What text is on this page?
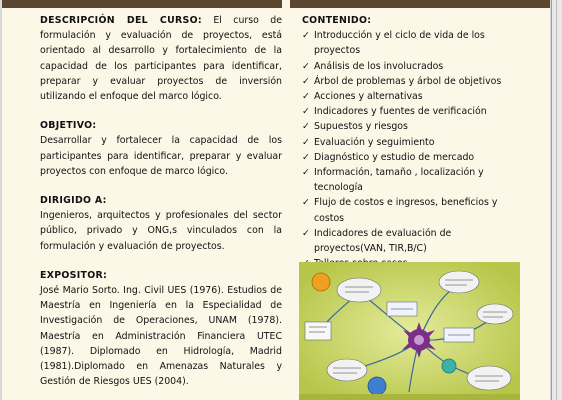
DESCRIPCIÓN DEL CURSO: El curso de formulación y evaluación de proyectos, está orientado al desarrollo y fortalecimiento de la capacidad de los participantes para identificar, preparar y evaluar proyectos de inversión utilizando el enfoque del marco lógico.

OBJETIVO:

Desarrollar y fortalecer la capacidad de los participantes para identificar, preparar y evaluar proyectos con enfoque de marco lógico.

DIRIGIDO A:

Ingenieros, arquitectos y profesionales del sector público, privado y ONG,s vinculados con la formulación y evaluación de proyectos.

EXPOSITOR:

José Mario Sorto. Ing. Civil UES (1976). Estudios de Maestría en Ingeniería en la Especialidad de Investigación de Operaciones, UNAM (1978). Maestría en Administración Financiera UTEC (1987). Diplomado en Hidrología, Madrid (1981).Diplomado en Amenazas Naturales y Gestión de Riesgos UES (2004).

CONTENIDO:
✓ Introducción y el ciclo de vida de los proyectos
✓ Análisis de los involucrados
✓ Árbol de problemas y árbol de objetivos
✓ Acciones y alternativas
✓ Indicadores y fuentes de verificación
✓ Supuestos y riesgos
✓ Evaluación y seguimiento
✓ Diagnóstico y estudio de mercado
✓ Información, tamaño , localización y tecnología
✓ Flujo de costos e ingresos, beneficios y costos
✓ Indicadores de evaluación de proyectos(VAN, TIR,B/C)
